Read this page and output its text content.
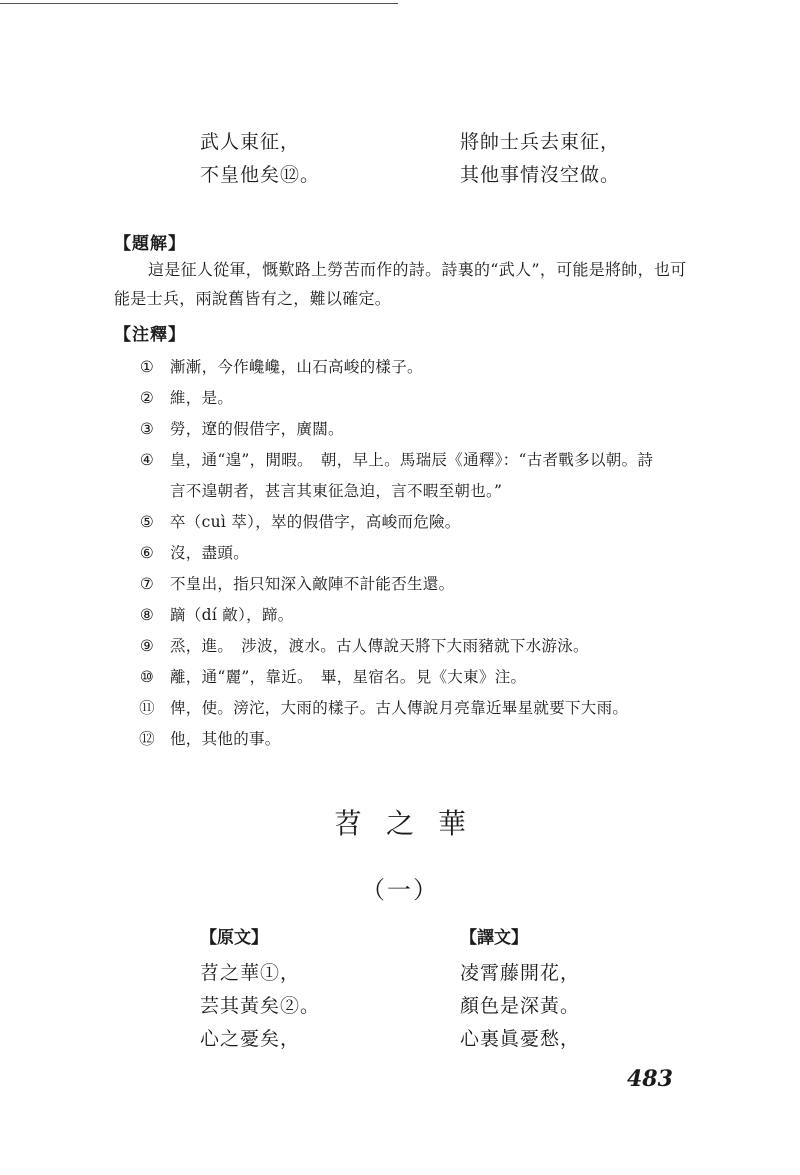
武人東征，	將帥士兵去東征，
不皇他矣⑫。	其他事情沒空做。
【題解】
這是征人從軍，慨歎路上勞苦而作的詩。詩裏的“武人”，可能是將帥，也可能是士兵，兩說舊皆有之，難以確定。
【注釋】
①	漸漸，今作巉巉，山石高峻的樣子。
②	維，是。
③	勞，遼的假借字，廣闊。
④	皇，通“遑”，閒暇。　朝，早上。馬瑞辰《通釋》：“古者戰多以朝。詩
言不遑朝者，甚言其東征急迫，言不暇至朝也。”
⑤	卒（cuì 萃），崒的假借字，高峻而危險。
⑥	沒，盡頭。
⑦	不皇出，指只知深入敵陣不計能否生還。
⑧	蹢（dí 敵），蹄。
⑨	烝，進。　涉波，渡水。古人傳說天將下大雨豬就下水游泳。
⑩	離，通“麗”，靠近。　畢，星宿名。見《大東》注。
⑪ 俾，使。滂沱，大雨的樣子。古人傳說月亮靠近畢星就要下大雨。
⑫ 他，其他的事。
苕之華
（一）
【原文】	【譯文】
苕之華①，	凌霄藤開花，
芸其黃矣②。	顏色是深黃。
心之憂矣，	心裏眞憂愁，
483
